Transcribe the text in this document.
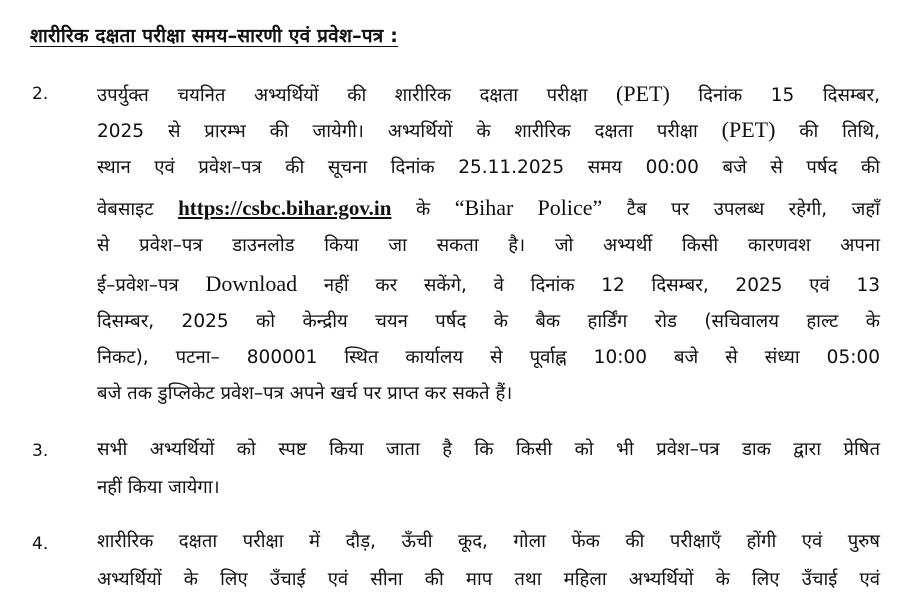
शारीरिक दक्षता परीक्षा समय–सारणी एवं प्रवेश–पत्र :
2.	उपर्युक्त चयनित अभ्यर्थियों की शारीरिक दक्षता परीक्षा (PET) दिनांक 15 दिसम्बर,
2025 से प्रारम्भ की जायेगी। अभ्यर्थियों के शारीरिक दक्षता परीक्षा (PET) की तिथि,
स्थान एवं प्रवेश–पत्र की सूचना दिनांक 25.11.2025 समय 00:00 बजे से पर्षद की
वेबसाइट https://csbc.bihar.gov.in के “Bihar Police” टैब पर उपलब्ध रहेगी, जहाँ
से प्रवेश–पत्र डाउनलोड किया जा सकता है। जो अभ्यर्थी किसी कारणवश अपना
ई–प्रवेश–पत्र Download नहीं कर सकेंगे, वे दिनांक 12 दिसम्बर, 2025 एवं 13
दिसम्बर, 2025 को केन्द्रीय चयन पर्षद के बैक हार्डिंग रोड (सचिवालय हाल्ट के
निकट), पटना– 800001 स्थित कार्यालय से पूर्वाह्न 10:00 बजे से संध्या 05:00
बजे तक डुप्लिकेट प्रवेश–पत्र अपने खर्च पर प्राप्त कर सकते हैं।
3.	सभी अभ्यर्थियों को स्पष्ट किया जाता है कि किसी को भी प्रवेश–पत्र डाक द्वारा प्रेषित
नहीं किया जायेगा।
4.	शारीरिक दक्षता परीक्षा में दौड़, ऊँची कूद, गोला फेंक की परीक्षाएँ होंगी एवं पुरुष
अभ्यर्थियों के लिए उँचाई एवं सीना की माप तथा महिला अभ्यर्थियों के लिए उँचाई एवं
